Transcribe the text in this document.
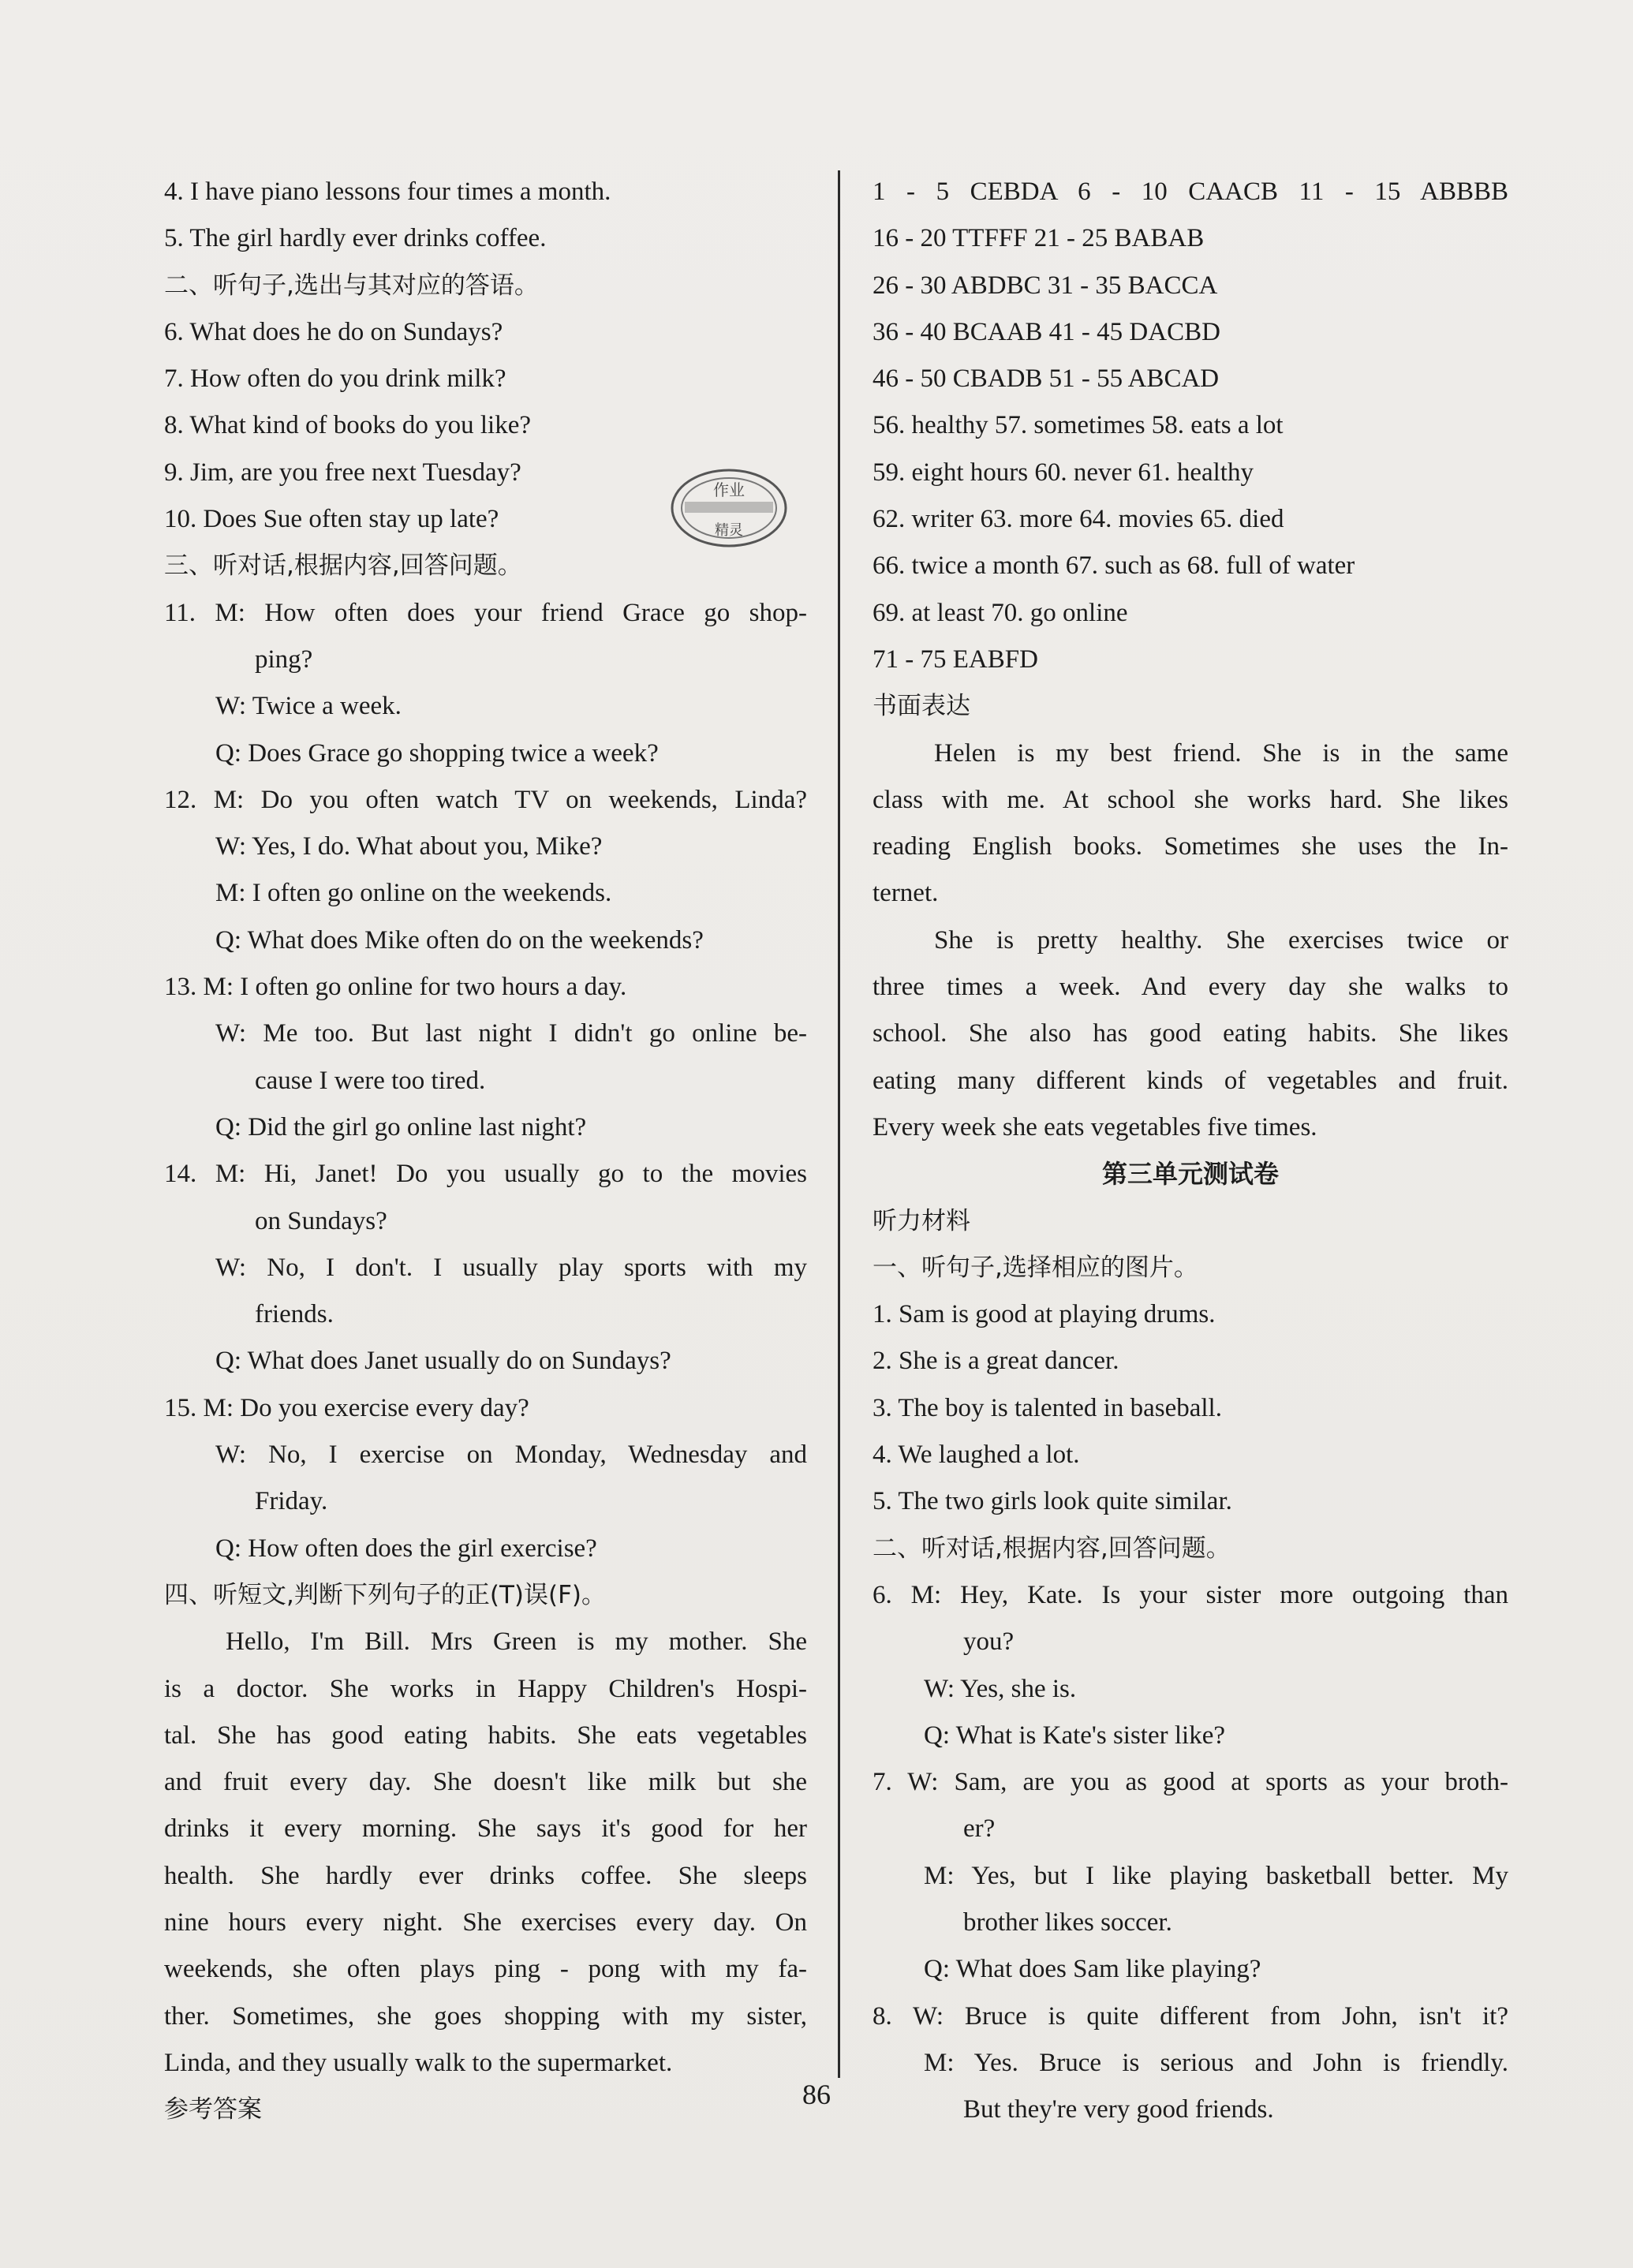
4. I have piano lessons four times a month.
5. The girl hardly ever drinks coffee.
二、听句子,选出与其对应的答语。
6. What does he do on Sundays?
7. How often do you drink milk?
8. What kind of books do you like?
9. Jim, are you free next Tuesday?
10. Does Sue often stay up late?
三、听对话,根据内容,回答问题。
11. M: How often does your friend Grace go shop-
ping?
W: Twice a week.
Q: Does Grace go shopping twice a week?
12. M: Do you often watch TV on weekends, Linda?
W: Yes, I do. What about you, Mike?
M: I often go online on the weekends.
Q: What does Mike often do on the weekends?
13. M: I often go online for two hours a day.
W: Me too. But last night I didn't go online be-
cause I were too tired.
Q: Did the girl go online last night?
14. M: Hi, Janet! Do you usually go to the movies
on Sundays?
W: No, I don't. I usually play sports with my
friends.
Q: What does Janet usually do on Sundays?
15. M: Do you exercise every day?
W: No, I exercise on Monday, Wednesday and
Friday.
Q: How often does the girl exercise?
四、听短文,判断下列句子的正(T)误(F)。
Hello, I'm Bill. Mrs Green is my mother. She
is a doctor. She works in Happy Children's Hospi-
tal. She has good eating habits. She eats vegetables
and fruit every day. She doesn't like milk but she
drinks it every morning. She says it's good for her
health. She hardly ever drinks coffee. She sleeps
nine hours every night. She exercises every day. On
weekends, she often plays ping - pong with my fa-
ther. Sometimes, she goes shopping with my sister,
Linda, and they usually walk to the supermarket.
参考答案
1 - 5 CEBDA 6 - 10 CAACB 11 - 15 ABBBB
16 - 20 TTFFF 21 - 25 BABAB
26 - 30 ABDBC 31 - 35 BACCA
36 - 40 BCAAB 41 - 45 DACBD
46 - 50 CBADB 51 - 55 ABCAD
56. healthy 57. sometimes 58. eats a lot
59. eight hours 60. never 61. healthy
62. writer 63. more 64. movies 65. died
66. twice a month 67. such as 68. full of water
69. at least 70. go online
71 - 75 EABFD
书面表达
Helen is my best friend. She is in the same
class with me. At school she works hard. She likes
reading English books. Sometimes she uses the In-
ternet.
She is pretty healthy. She exercises twice or
three times a week. And every day she walks to
school. She also has good eating habits. She likes
eating many different kinds of vegetables and fruit.
Every week she eats vegetables five times.
第三单元测试卷
听力材料
一、听句子,选择相应的图片。
1. Sam is good at playing drums.
2. She is a great dancer.
3. The boy is talented in baseball.
4. We laughed a lot.
5. The two girls look quite similar.
二、听对话,根据内容,回答问题。
6. M: Hey, Kate. Is your sister more outgoing than
you?
W: Yes, she is.
Q: What is Kate's sister like?
7. W: Sam, are you as good at sports as your broth-
er?
M: Yes, but I like playing basketball better. My
brother likes soccer.
Q: What does Sam like playing?
8. W: Bruce is quite different from John, isn't it?
M: Yes. Bruce is serious and John is friendly.
But they're very good friends.
作业
精灵
86
